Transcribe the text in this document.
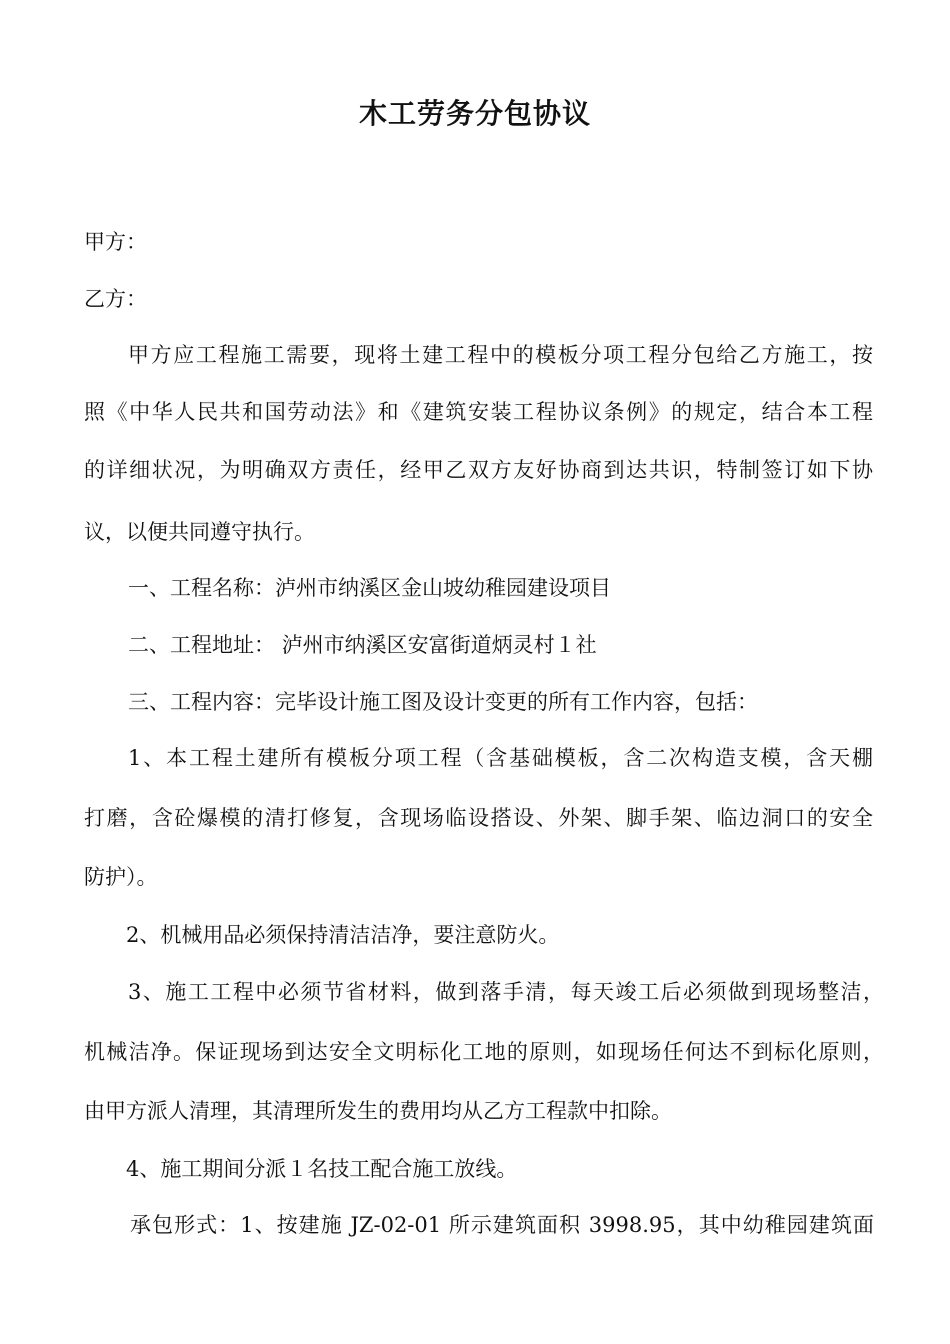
木工劳务分包协议
甲方：
乙方：
甲方应工程施工需要，现将土建工程中的模板分项工程分包给乙方施工，按
照《中华人民共和国劳动法》和《建筑安装工程协议条例》的规定，结合本工程
的详细状况，为明确双方责任，经甲乙双方友好协商到达共识，特制签订如下协
议，以便共同遵守执行。
一、工程名称：泸州市纳溪区金山坡幼稚园建设项目
二、工程地址： 泸州市纳溪区安富街道炳灵村１社
三、工程内容：完毕设计施工图及设计变更的所有工作内容，包括：
1、本工程土建所有模板分项工程（含基础模板，含二次构造支模，含天棚
打磨，含砼爆模的清打修复，含现场临设搭设、外架、脚手架、临边洞口的安全
防护）。
2、机械用品必须保持清洁洁净，要注意防火。
3、施工工程中必须节省材料，做到落手清，每天竣工后必须做到现场整洁，
机械洁净。保证现场到达安全文明标化工地的原则，如现场任何达不到标化原则，
由甲方派人清理，其清理所发生的费用均从乙方工程款中扣除。
4、施工期间分派１名技工配合施工放线。
承包形式：1、按建施 JZ-02-01 所示建筑面积 3998.95，其中幼稚园建筑面
